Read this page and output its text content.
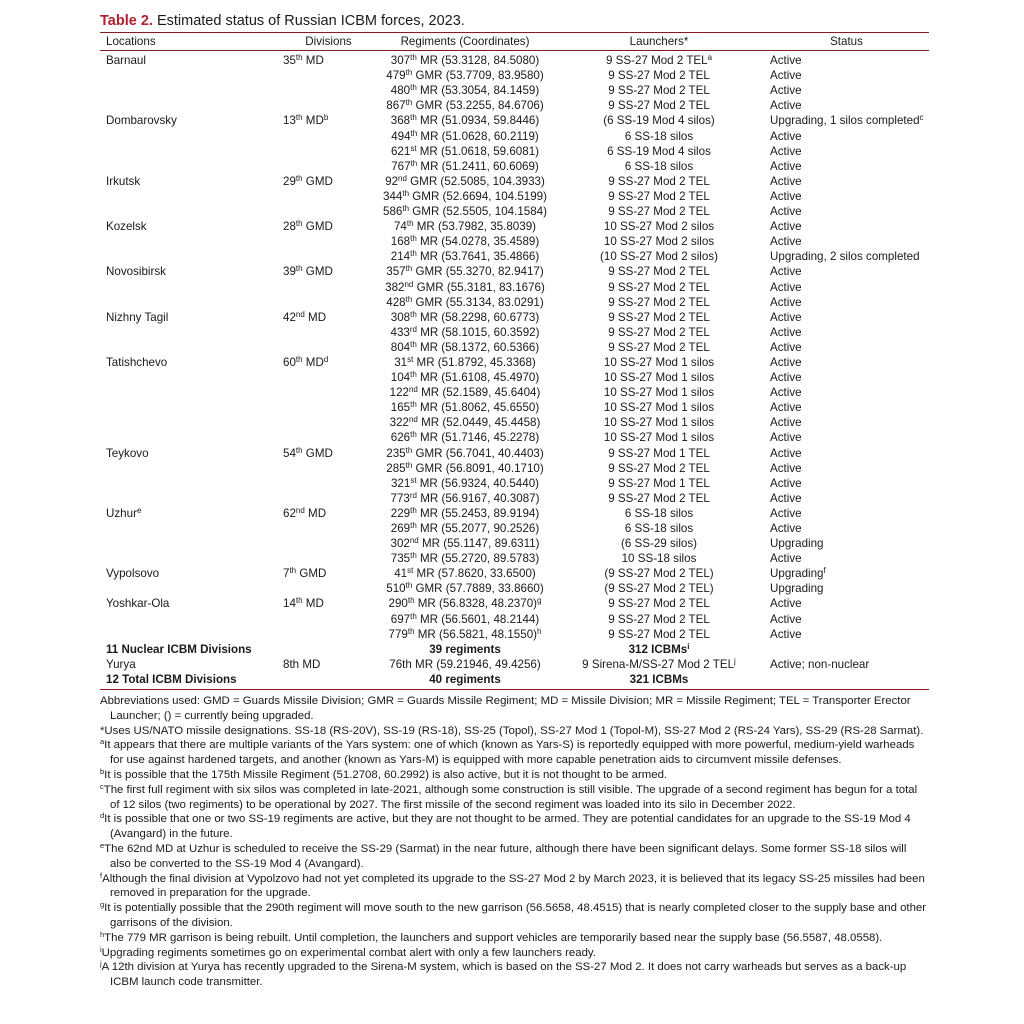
Table 2. Estimated status of Russian ICBM forces, 2023.
Locations	Divisions	Regiments (Coordinates)	Launchers*	Status
Barnaul	35th MD	307th MR (53.3128, 84.5080)	9 SS-27 Mod 2 TEL$^a$	Active
		479th GMR (53.7709, 83.9580)	9 SS-27 Mod 2 TEL	Active
		480th MR (53.3054, 84.1459)	9 SS-27 Mod 2 TEL	Active
		867th GMR (53.2255, 84.6706)	9 SS-27 Mod 2 TEL	Active
Dombarovsky	13th $MD^b$	368th MR (51.0934, 59.8446)	(6 SS-19 Mod 4 silos)	Upgrading, 1 silos completed$^c$
		494th MR (51.0628, 60.2119)	6 SS-18 silos	Active
		621st MR (51.0618, 59.6081)	6 SS-19 Mod 4 silos	Active
		767th MR (51.2411, 60.6069)	6 SS-18 silos	Active
Irkutsk	29th GMD	92nd GMR (52.5085, 104.3933)	9 SS-27 Mod 2 TEL	Active
		344th GMR (52.6694, 104.5199)	9 SS-27 Mod 2 TEL	Active
		586th GMR (52.5505, 104.1584)	9 SS-27 Mod 2 TEL	Active
Kozelsk	28th GMD	74th MR (53.7982, 35.8039)	10 SS-27 Mod 2 silos	Active
		168th MR (54.0278, 35.4589)	10 SS-27 Mod 2 silos	Active
		214th MR (53.7641, 35.4866)	(10 SS-27 Mod 2 silos)	Upgrading, 2 silos completed
Novosibirsk	39th GMD	357th GMR (55.3270, 82.9417)	9 SS-27 Mod 2 TEL	Active
		382nd GMR (55.3181, 83.1676)	9 SS-27 Mod 2 TEL	Active
		428th GMR (55.3134, 83.0291)	9 SS-27 Mod 2 TEL	Active
Nizhny Tagil	42nd MD	308th MR (58.2298, 60.6773)	9 SS-27 Mod 2 TEL	Active
		433rd MR (58.1015, 60.3592)	9 SS-27 Mod 2 TEL	Active
		804th MR (58.1372, 60.5366)	9 SS-27 Mod 2 TEL	Active
Tatishchevo	60th $MD^d$	31st MR (51.8792, 45.3368)	10 SS-27 Mod 1 silos	Active
		104th MR (51.6108, 45.4970)	10 SS-27 Mod 1 silos	Active
		122nd MR (52.1589, 45.6404)	10 SS-27 Mod 1 silos	Active
		165th MR (51.8062, 45.6550)	10 SS-27 Mod 1 silos	Active
		322nd MR (52.0449, 45.4458)	10 SS-27 Mod 1 silos	Active
		626th MR (51.7146, 45.2278)	10 SS-27 Mod 1 silos	Active
Teykovo	54th GMD	235th GMR (56.7041, 40.4403)	9 SS-27 Mod 1 TEL	Active
		285th GMR (56.8091, 40.1710)	9 SS-27 Mod 2 TEL	Active
		321st MR (56.9324, 40.5440)	9 SS-27 Mod 1 TEL	Active
		773rd MR (56.9167, 40.3087)	9 SS-27 Mod 2 TEL	Active
Uzhur$^e$	62nd MD	229th MR (55.2453, 89.9194)	6 SS-18 silos	Active
		269th MR (55.2077, 90.2526)	6 SS-18 silos	Active
		302nd MR (55.1147, 89.6311)	(6 SS-29 silos)	Upgrading
		735th MR (55.2720, 89.5783)	10 SS-18 silos	Active
Vypolsovo	7th GMD	41st MR (57.8620, 33.6500)	(9 SS-27 Mod 2 TEL)	Upgrading$^f$
		510th GMR (57.7889, 33.8660)	(9 SS-27 Mod 2 TEL)	Upgrading
Yoshkar-Ola	14th MD	290th MR (56.8328, 48.2370)$^g$	9 SS-27 Mod 2 TEL	Active
		697th MR (56.5601, 48.2144)	9 SS-27 Mod 2 TEL	Active
		779th MR (56.5821, 48.1550)$^h$	9 SS-27 Mod 2 TEL	Active
11 Nuclear ICBM Divisions		39 regiments	312 ICBMs$^i$	
Yurya	8th MD	76th MR (59.21946, 49.4256)	9 Sirena-M/SS-27 Mod 2 TEL$^j$	Active; non-nuclear
12 Total ICBM Divisions		40 regiments	321 ICBMs	

Abbreviations used: GMD = Guards Missile Division; GMR = Guards Missile Regiment; MD = Missile Division; MR = Missile Regiment; TEL = Transporter Erector Launcher; () = currently being upgraded.

*Uses US/NATO missile designations. SS-18 (RS-20V), SS-19 (RS-18), SS-25 (Topol), SS-27 Mod 1 (Topol-M), SS-27 Mod 2 (RS-24 Yars), SS-29 (RS-28 Sarmat).

$^a$It appears that there are multiple variants of the Yars system: one of which (known as Yars-S) is reportedly equipped with more powerful, medium-yield warheads for use against hardened targets, and another (known as Yars-M) is equipped with more capable penetration aids to circumvent missile defenses.

$^b$It is possible that the 175th Missile Regiment (51.2708, 60.2992) is also active, but it is not thought to be armed.

$^c$The first full regiment with six silos was completed in late-2021, although some construction is still visible. The upgrade of a second regiment has begun for a total of 12 silos (two regiments) to be operational by 2027. The first missile of the second regiment was loaded into its silo in December 2022.

$^d$It is possible that one or two SS-19 regiments are active, but they are not thought to be armed. They are potential candidates for an upgrade to the SS-19 Mod 4 (Avangard) in the future.

$^e$The 62nd MD at Uzhur is scheduled to receive the SS-29 (Sarmat) in the near future, although there have been significant delays. Some former SS-18 silos will also be converted to the SS-19 Mod 4 (Avangard).

$^f$Although the final division at Vypolzovo had not yet completed its upgrade to the SS-27 Mod 2 by March 2023, it is believed that its legacy SS-25 missiles had been removed in preparation for the upgrade.

$^g$It is potentially possible that the 290th regiment will move south to the new garrison (56.5658, 48.4515) that is nearly completed closer to the supply base and other garrisons of the division.

$^h$The 779 MR garrison is being rebuilt. Until completion, the launchers and support vehicles are temporarily based near the supply base (56.5587, 48.0558).

$^i$Upgrading regiments sometimes go on experimental combat alert with only a few launchers ready.

$^j$A 12th division at Yurya has recently upgraded to the Sirena-M system, which is based on the SS-27 Mod 2. It does not carry warheads but serves as a back-up ICBM launch code transmitter.
